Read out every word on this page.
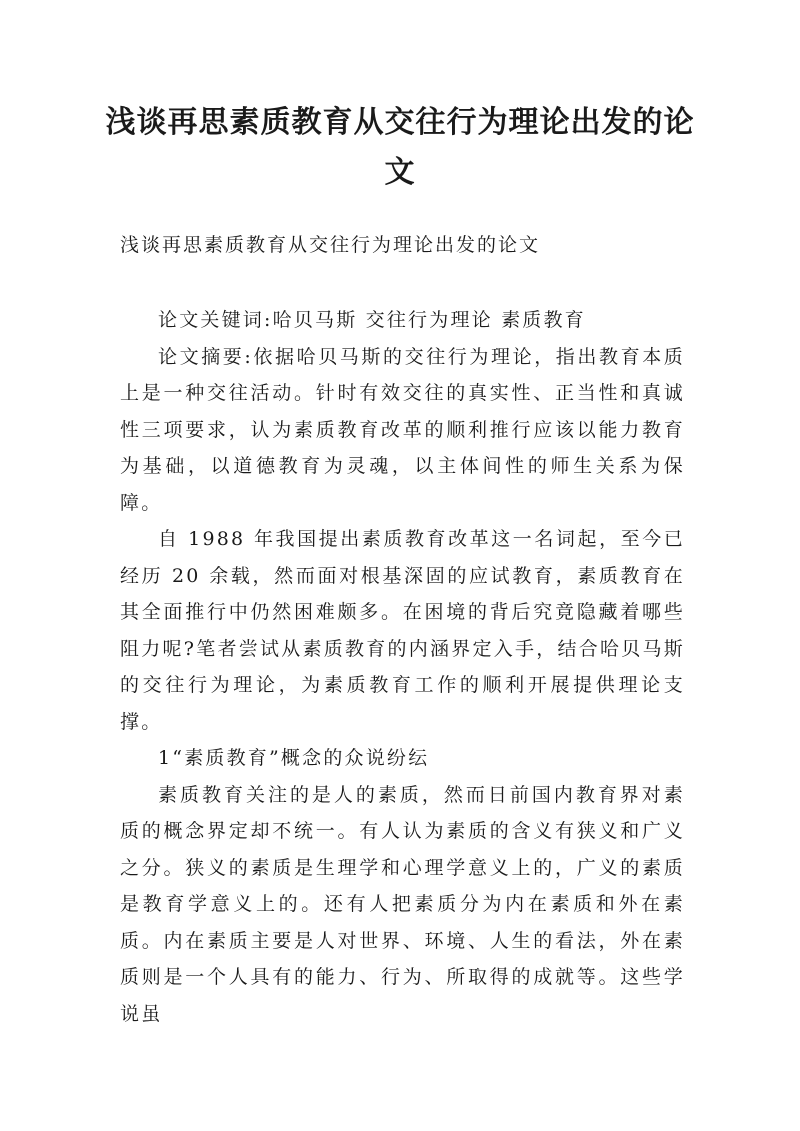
浅谈再思素质教育从交往行为理论出发的论文

浅谈再思素质教育从交往行为理论出发的论文

论文关键词:哈贝马斯 交往行为理论 素质教育

论文摘要:依据哈贝马斯的交往行为理论，指出教育本质上是一种交往活动。针时有效交往的真实性、正当性和真诚性三项要求，认为素质教育改革的顺利推行应该以能力教育为基础，以道德教育为灵魂，以主体间性的师生关系为保障。

自 1988 年我国提出素质教育改革这一名词起，至今已经历 20 余载，然而面对根基深固的应试教育，素质教育在其全面推行中仍然困难颇多。在困境的背后究竟隐藏着哪些阻力呢?笔者尝试从素质教育的内涵界定入手，结合哈贝马斯的交往行为理论，为素质教育工作的顺利开展提供理论支撑。

1“素质教育”概念的众说纷纭

素质教育关注的是人的素质，然而日前国内教育界对素质的概念界定却不统一。有人认为素质的含义有狭义和广义之分。狭义的素质是生理学和心理学意义上的，广义的素质是教育学意义上的。还有人把素质分为内在素质和外在素质。内在素质主要是人对世界、环境、人生的看法，外在素质则是一个人具有的能力、行为、所取得的成就等。这些学说虽
